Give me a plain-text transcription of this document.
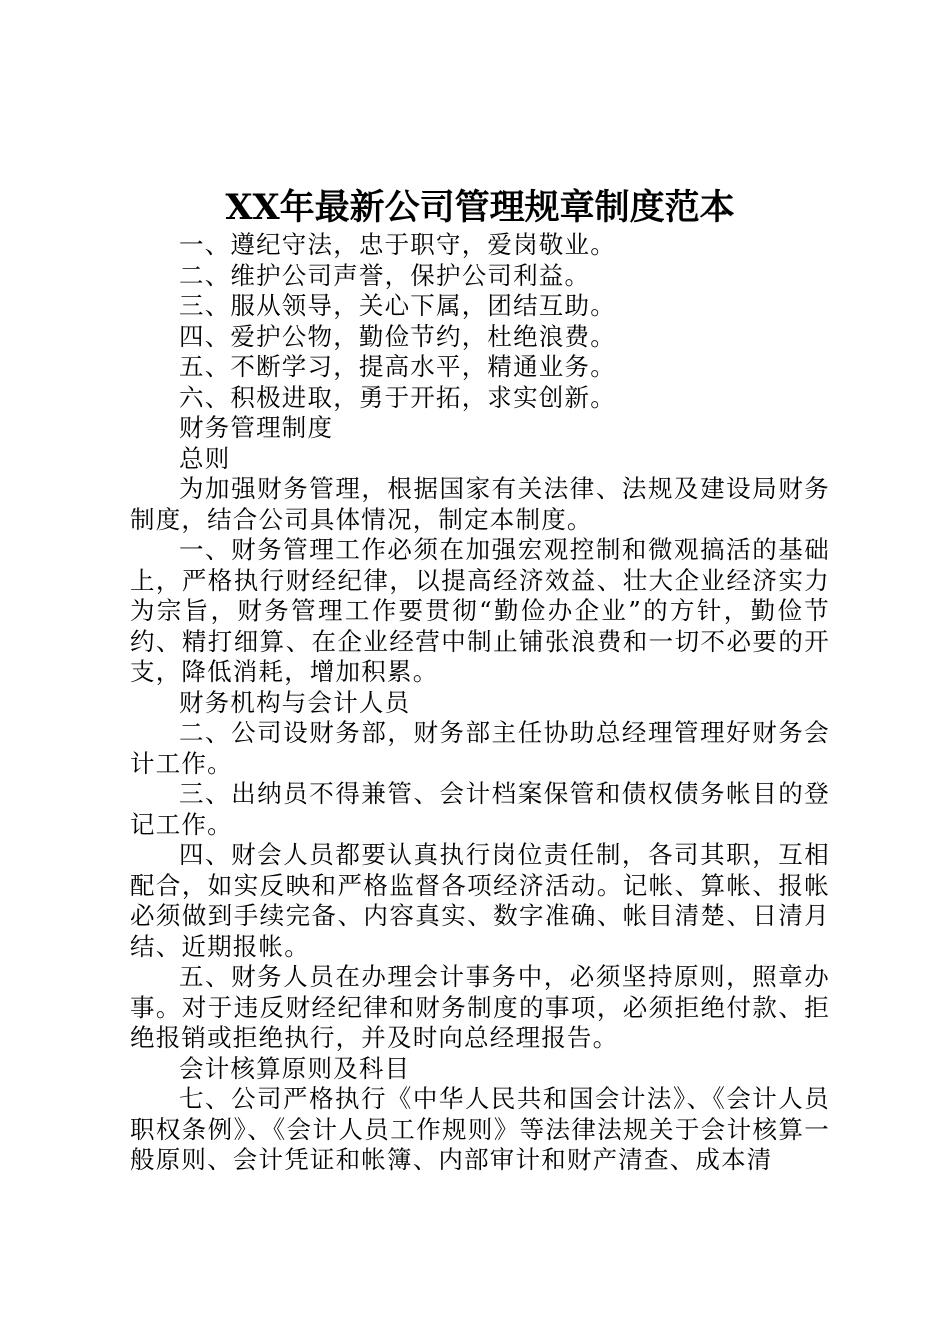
XX年最新公司管理规章制度范本

一、遵纪守法，忠于职守，爱岗敬业。

二、维护公司声誉，保护公司利益。

三、服从领导，关心下属，团结互助。

四、爱护公物，勤俭节约，杜绝浪费。

五、不断学习，提高水平，精通业务。

六、积极进取，勇于开拓，求实创新。

财务管理制度

总则

为加强财务管理，根据国家有关法律、法规及建设局财务制度，结合公司具体情况，制定本制度。

一、财务管理工作必须在加强宏观控制和微观搞活的基础上，严格执行财经纪律，以提高经济效益、壮大企业经济实力为宗旨，财务管理工作要贯彻“勤俭办企业”的方针，勤俭节约、精打细算、在企业经营中制止铺张浪费和一切不必要的开支，降低消耗，增加积累。

财务机构与会计人员

二、公司设财务部，财务部主任协助总经理管理好财务会计工作。

三、出纳员不得兼管、会计档案保管和债权债务帐目的登记工作。

四、财会人员都要认真执行岗位责任制，各司其职，互相配合，如实反映和严格监督各项经济活动。记帐、算帐、报帐必须做到手续完备、内容真实、数字准确、帐目清楚、日清月结、近期报帐。

五、财务人员在办理会计事务中，必须坚持原则，照章办事。对于违反财经纪律和财务制度的事项，必须拒绝付款、拒绝报销或拒绝执行，并及时向总经理报告。

会计核算原则及科目

七、公司严格执行《中华人民共和国会计法》、《会计人员职权条例》、《会计人员工作规则》等法律法规关于会计核算一般原则、会计凭证和帐簿、内部审计和财产清查、成本清
